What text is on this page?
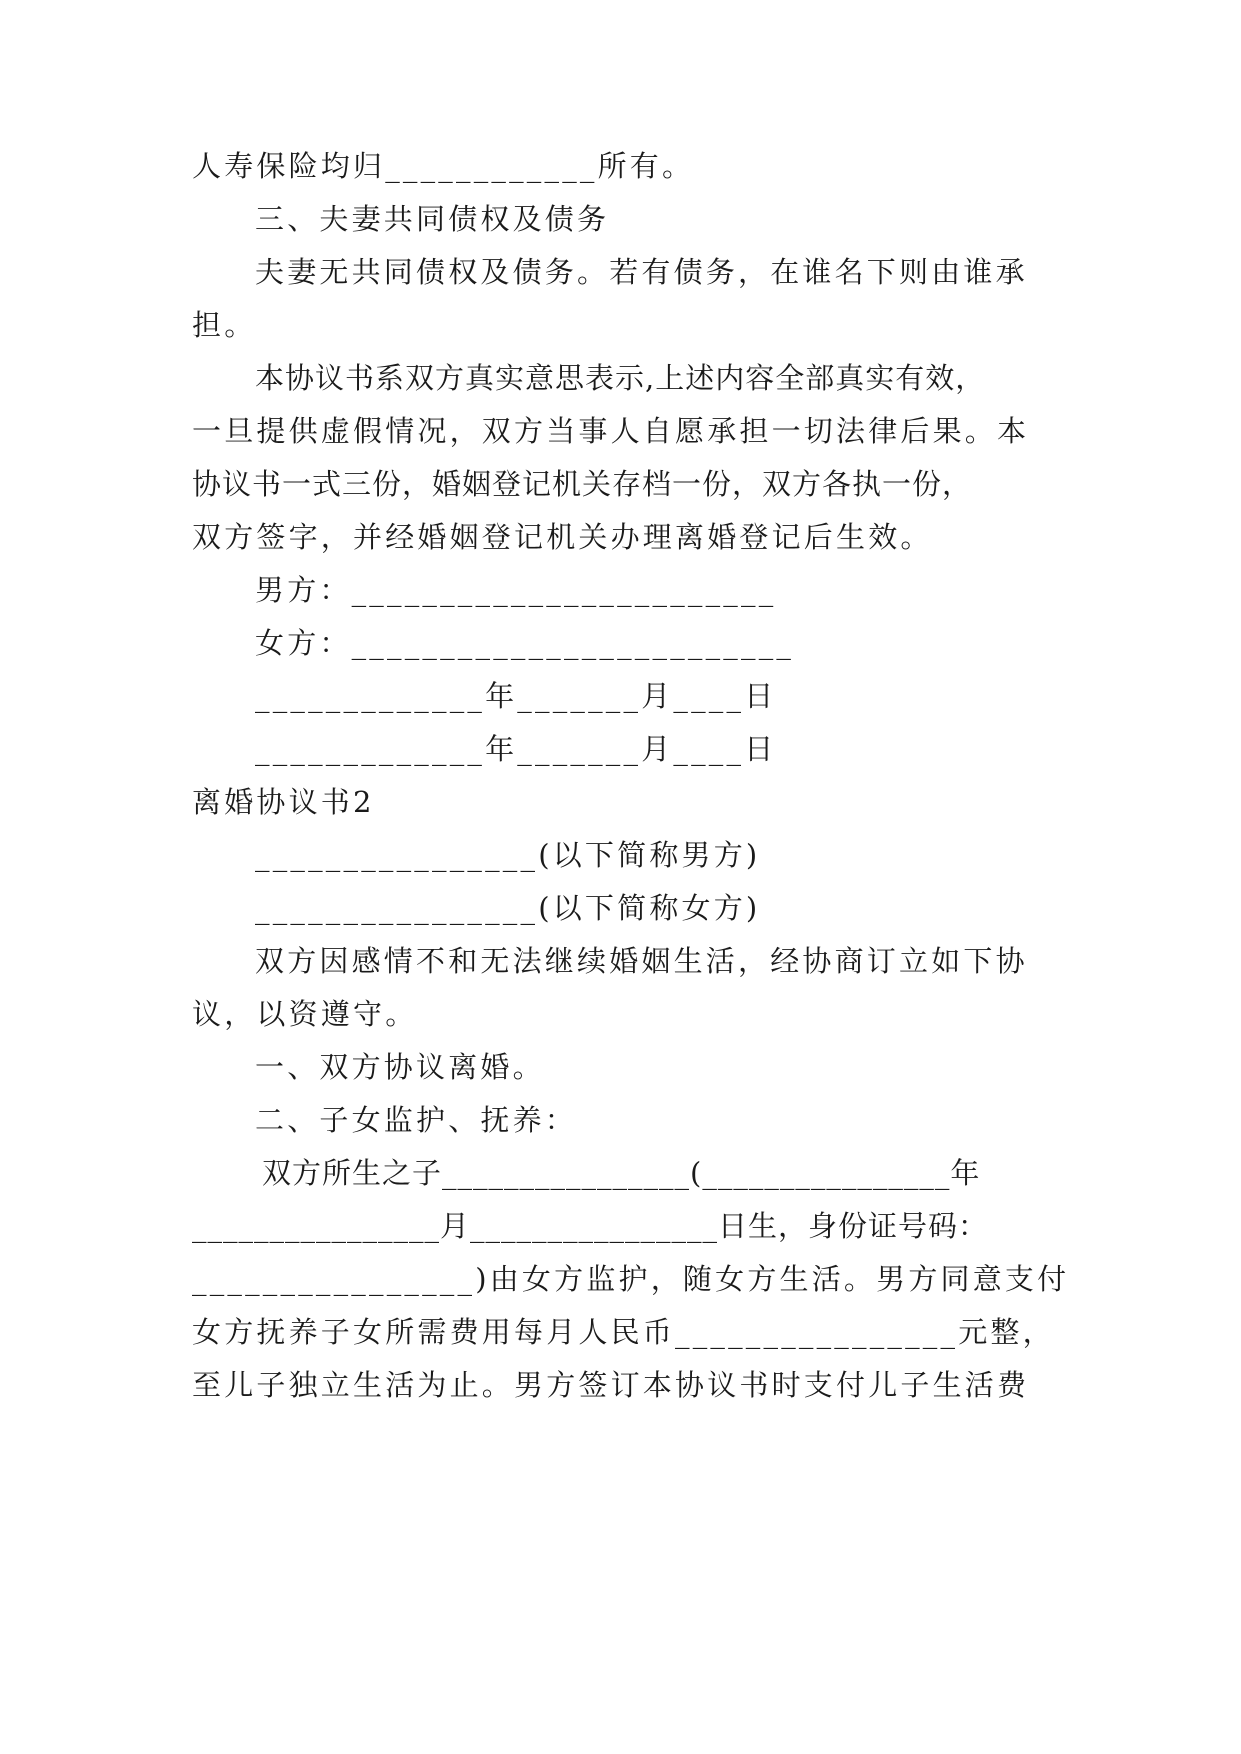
人寿保险均归____________所有。
三、夫妻共同债权及债务
夫妻无共同债权及债务。若有债务，在谁名下则由谁承
担。
本协议书系双方真实意思表示,上述内容全部真实有效，
一旦提供虚假情况，双方当事人自愿承担一切法律后果。本
协议书一式三份，婚姻登记机关存档一份，双方各执一份，
双方签字，并经婚姻登记机关办理离婚登记后生效。
男方：________________________
女方：_________________________
_____________年_______月____日
_____________年_______月____日
离婚协议书2
________________(以下简称男方)
________________(以下简称女方)
双方因感情不和无法继续婚姻生活，经协商订立如下协
议，以资遵守。
一、双方协议离婚。
二、子女监护、抚养：
双方所生之子________________(________________年
________________月________________日生，身份证号码：
________________)由女方监护，随女方生活。男方同意支付
女方抚养子女所需费用每月人民币________________元整，
至儿子独立生活为止。男方签订本协议书时支付儿子生活费
